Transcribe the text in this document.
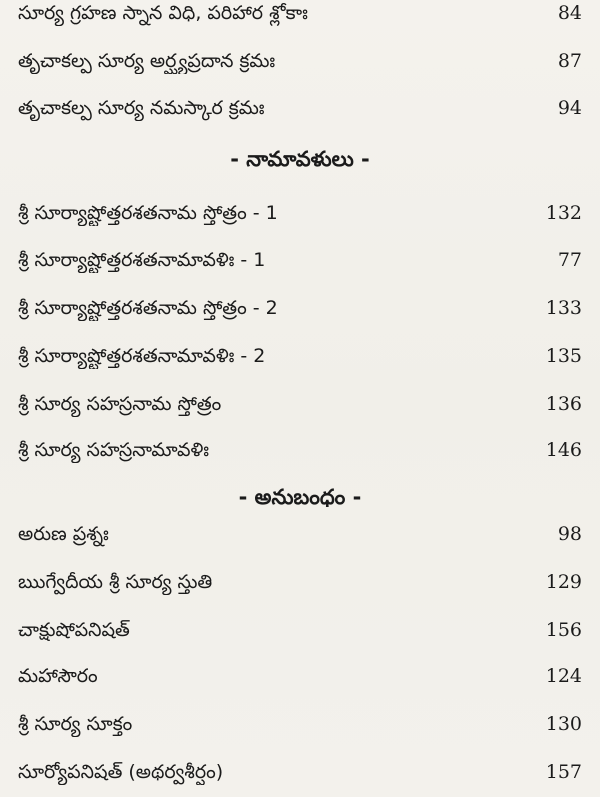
సూర్య గ్రహణ స్నాన విధి, పరిహార శ్లోకాః	84
తృచాకల్ప సూర్య అర్ఘ్యప్రదాన క్రమః	87
తృచాకల్ప సూర్య నమస్కార క్రమః	94
- నామావళులు -
శ్రీ సూర్యాష్టోత్తరశతనామ స్తోత్రం - 1	132
శ్రీ సూర్యాష్టోత్తరశతనామావళిః - 1	77
శ్రీ సూర్యాష్టోత్తరశతనామ స్తోత్రం - 2	133
శ్రీ సూర్యాష్టోత్తరశతనామావళిః - 2	135
శ్రీ సూర్య సహస్రనామ స్తోత్రం	136
శ్రీ సూర్య సహస్రనామావళిః	146
- అనుబంధం -
అరుణ ప్రశ్నః	98
ఋగ్వేదీయ శ్రీ సూర్య స్తుతి	129
చాక్షుషోపనిషత్	156
మహాసౌరం	124
శ్రీ సూర్య సూక్తం	130
సూర్యోపనిషత్ (అథర్వశీర్షం)	157
